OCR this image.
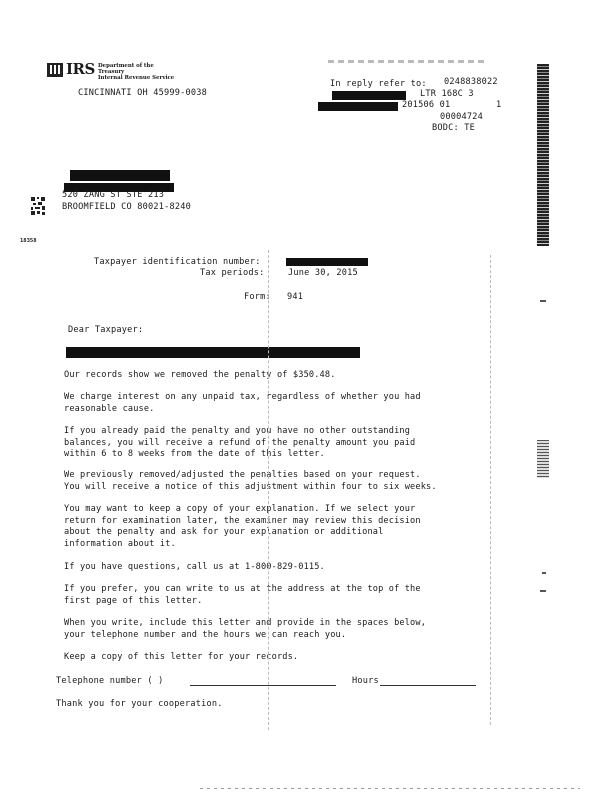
IRS Department of the Treasury
Internal Revenue Service
CINCINNATI OH 45999-0038
In reply refer to: 0248838022
LTR 168C 3
201506 01	1
00004724
BODC: TE
520 ZANG ST STE 213
BROOMFIELD CO 80021-8240
18358
Taxpayer identification number:
Tax periods:	June 30, 2015
Form: 941
Dear Taxpayer:
Our records show we removed the penalty of $350.48.
We charge interest on any unpaid tax, regardless of whether you had
reasonable cause.
If you already paid the penalty and you have no other outstanding
balances, you will receive a refund of the penalty amount you paid
within 6 to 8 weeks from the date of this letter.
We previously removed/adjusted the penalties based on your request.
You will receive a notice of this adjustment within four to six weeks.
You may want to keep a copy of your explanation. If we select your
return for examination later, the examiner may review this decision
about the penalty and ask for your explanation or additional
information about it.
If you have questions, call us at 1-800-829-0115.
If you prefer, you can write to us at the address at the top of the
first page of this letter.
When you write, include this letter and provide in the spaces below,
your telephone number and the hours we can reach you.
Keep a copy of this letter for your records.
Telephone number ( )	Hours
Thank you for your cooperation.
